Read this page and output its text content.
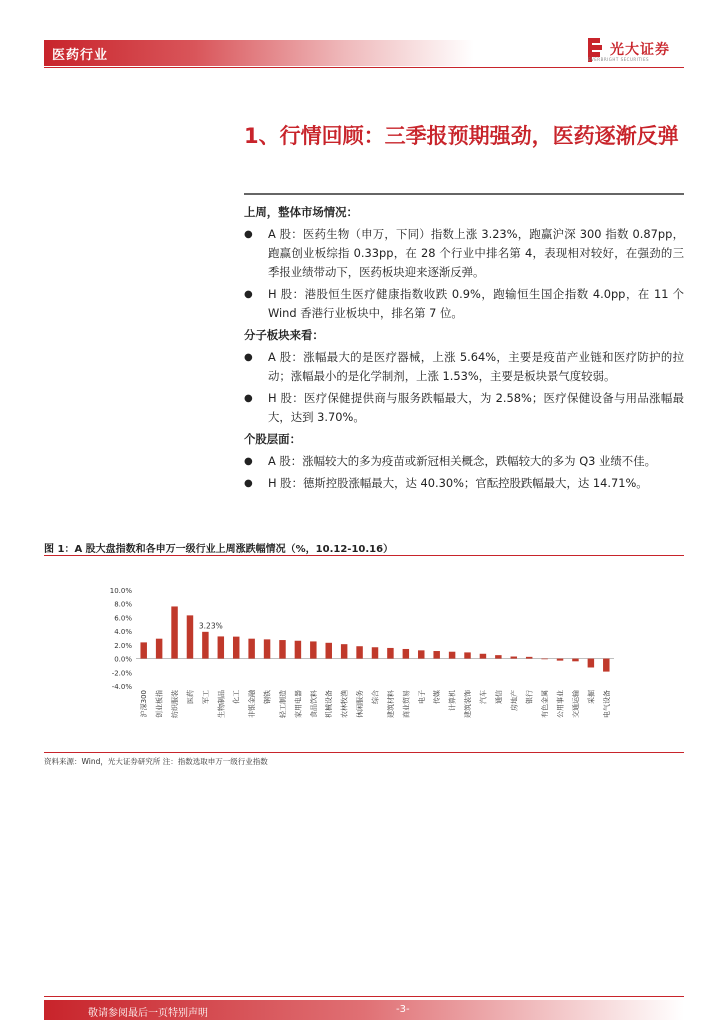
医药行业	光大证券
EVERBRIGHT SECURITIES
1、行情回顾：三季报预期强劲，医药逐渐反弹
上周，整体市场情况：
●	A 股：医药生物（申万，下同）指数上涨 3.23%，跑赢沪深 300 指数 0.87pp，跑赢创业板综指 0.33pp，在 28 个行业中排名第 4，表现相对较好，在强劲的三季报业绩带动下，医药板块迎来逐渐反弹。
●	H 股：港股恒生医疗健康指数收跌 0.9%，跑输恒生国企指数 4.0pp，在 11 个 Wind 香港行业板块中，排名第 7 位。
分子板块来看：
●	A 股：涨幅最大的是医疗器械，上涨 5.64%，主要是疫苗产业链和医疗防护的拉动；涨幅最小的是化学制剂，上涨 1.53%，主要是板块景气度较弱。
●	H 股：医疗保健提供商与服务跌幅最大，为 2.58%；医疗保健设备与用品涨幅最大，达到 3.70%。
个股层面：
●	A 股：涨幅较大的多为疫苗或新冠相关概念，跌幅较大的多为 Q3 业绩不佳。
●	H 股：德斯控股涨幅最大，达 40.30%；官酝控股跌幅最大，达 14.71%。
图 1：A 股大盘指数和各申万一级行业上周涨跌幅情况（%，10.12-10.16）
10.0%
8.0%
6.0%
4.0%
2.0%
0.0%
-2.0%
-4.0%
沪深300 创业板指 纺织服装 医药 军工 生物制品 化工 非银金融 钢铁 轻工制造 家用电器 食品饮料 机械设备 农林牧渔 休闲服务 综合 建筑材料 商业贸易 电子 传媒 计算机 建筑装饰 汽车 通信 房地产 银行 有色金属 公用事业 交通运输 采掘 电气设备
3.23%
资料来源：Wind，光大证券研究所 注：指数选取申万一级行业指数
敬请参阅最后一页特别声明	-3-
